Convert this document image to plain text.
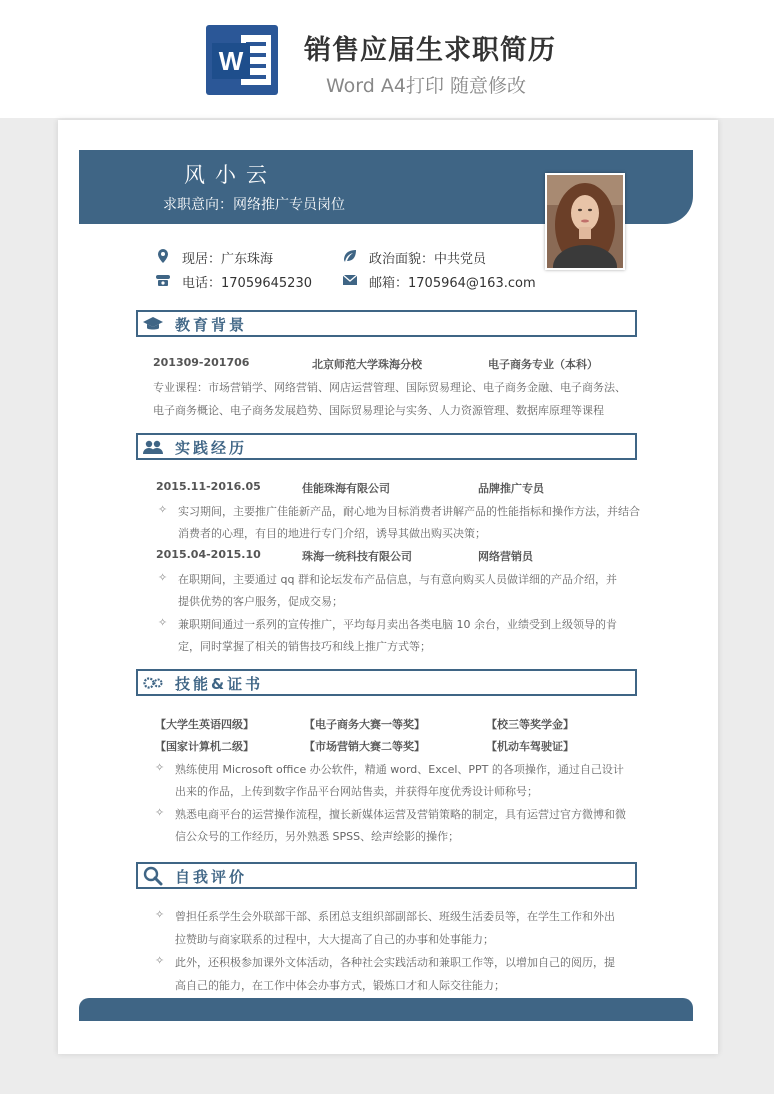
W 销售应届生求职简历
Word A4打印 随意修改
风小云
求职意向：网络推广专员岗位
现居：广东珠海
电话：17059645230
政治面貌：中共党员
邮箱：1705964@163.com
教育背景
201309-201706	北京师范大学珠海分校	电子商务专业（本科）
专业课程：市场营销学、网络营销、网店运营管理、国际贸易理论、电子商务金融、电子商务法、
电子商务概论、电子商务发展趋势、国际贸易理论与实务、人力资源管理、数据库原理等课程
实践经历
2015.11-2016.05	佳能珠海有限公司	品牌推广专员
✧ 实习期间，主要推广佳能新产品，耐心地为目标消费者讲解产品的性能指标和操作方法，并结合
消费者的心理，有目的地进行专门介绍，诱导其做出购买决策；
2015.04-2015.10	珠海一统科技有限公司	网络营销员
✧ 在职期间，主要通过 qq 群和论坛发布产品信息，与有意向购买人员做详细的产品介绍，并
提供优势的客户服务，促成交易；
✧ 兼职期间通过一系列的宣传推广，平均每月卖出各类电脑 10 余台，业绩受到上级领导的肯
定，同时掌握了相关的销售技巧和线上推广方式等；
技能&证书
【大学生英语四级】	【电子商务大赛一等奖】	【校三等奖学金】
【国家计算机二级】	【市场营销大赛二等奖】	【机动车驾驶证】
✧ 熟练使用 Microsoft office 办公软件，精通 word、Excel、PPT 的各项操作，通过自己设计
出来的作品，上传到数字作品平台网站售卖，并获得年度优秀设计师称号；
✧ 熟悉电商平台的运营操作流程，擅长新媒体运营及营销策略的制定，具有运营过官方微博和微
信公众号的工作经历，另外熟悉 SPSS、绘声绘影的操作；
自我评价
✧ 曾担任系学生会外联部干部、系团总支组织部副部长、班级生活委员等，在学生工作和外出
拉赞助与商家联系的过程中，大大提高了自己的办事和处事能力；
✧ 此外，还积极参加课外文体活动，各种社会实践活动和兼职工作等，以增加自己的阅历，提
高自己的能力，在工作中体会办事方式，锻炼口才和人际交往能力；
